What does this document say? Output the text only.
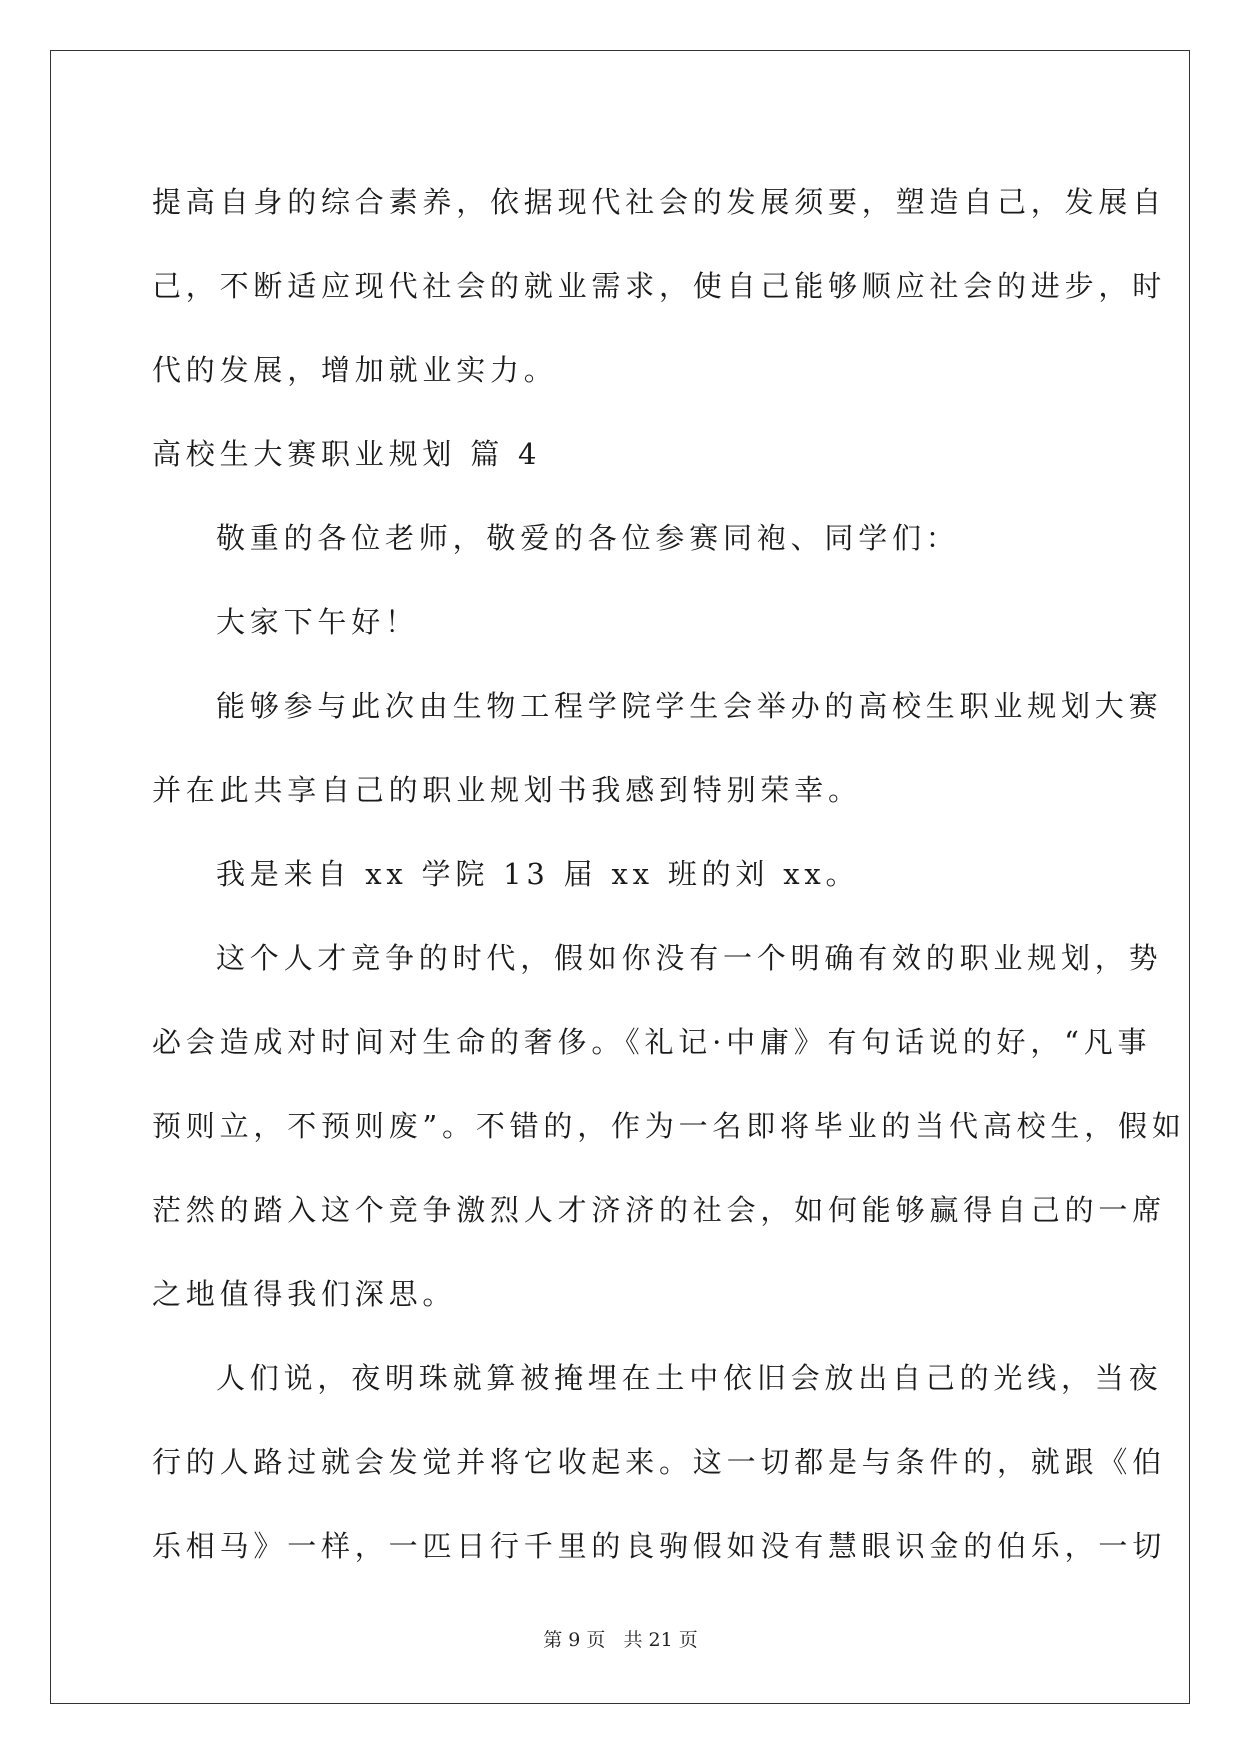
提高自身的综合素养，依据现代社会的发展须要，塑造自己，发展自
己，不断适应现代社会的就业需求，使自己能够顺应社会的进步，时
代的发展，增加就业实力。
高校生大赛职业规划 篇 4
敬重的各位老师，敬爱的各位参赛同袍、同学们：
大家下午好！
能够参与此次由生物工程学院学生会举办的高校生职业规划大赛
并在此共享自己的职业规划书我感到特别荣幸。
我是来自 xx 学院 13 届 xx 班的刘 xx。
这个人才竞争的时代，假如你没有一个明确有效的职业规划，势
必会造成对时间对生命的奢侈。《礼记·中庸》有句话说的好，“凡事
预则立，不预则废”。不错的，作为一名即将毕业的当代高校生，假如
茫然的踏入这个竞争激烈人才济济的社会，如何能够赢得自己的一席
之地值得我们深思。
人们说，夜明珠就算被掩埋在土中依旧会放出自己的光线，当夜
行的人路过就会发觉并将它收起来。这一切都是与条件的，就跟《伯
乐相马》一样，一匹日行千里的良驹假如没有慧眼识金的伯乐，一切
第 9 页 共 21 页
